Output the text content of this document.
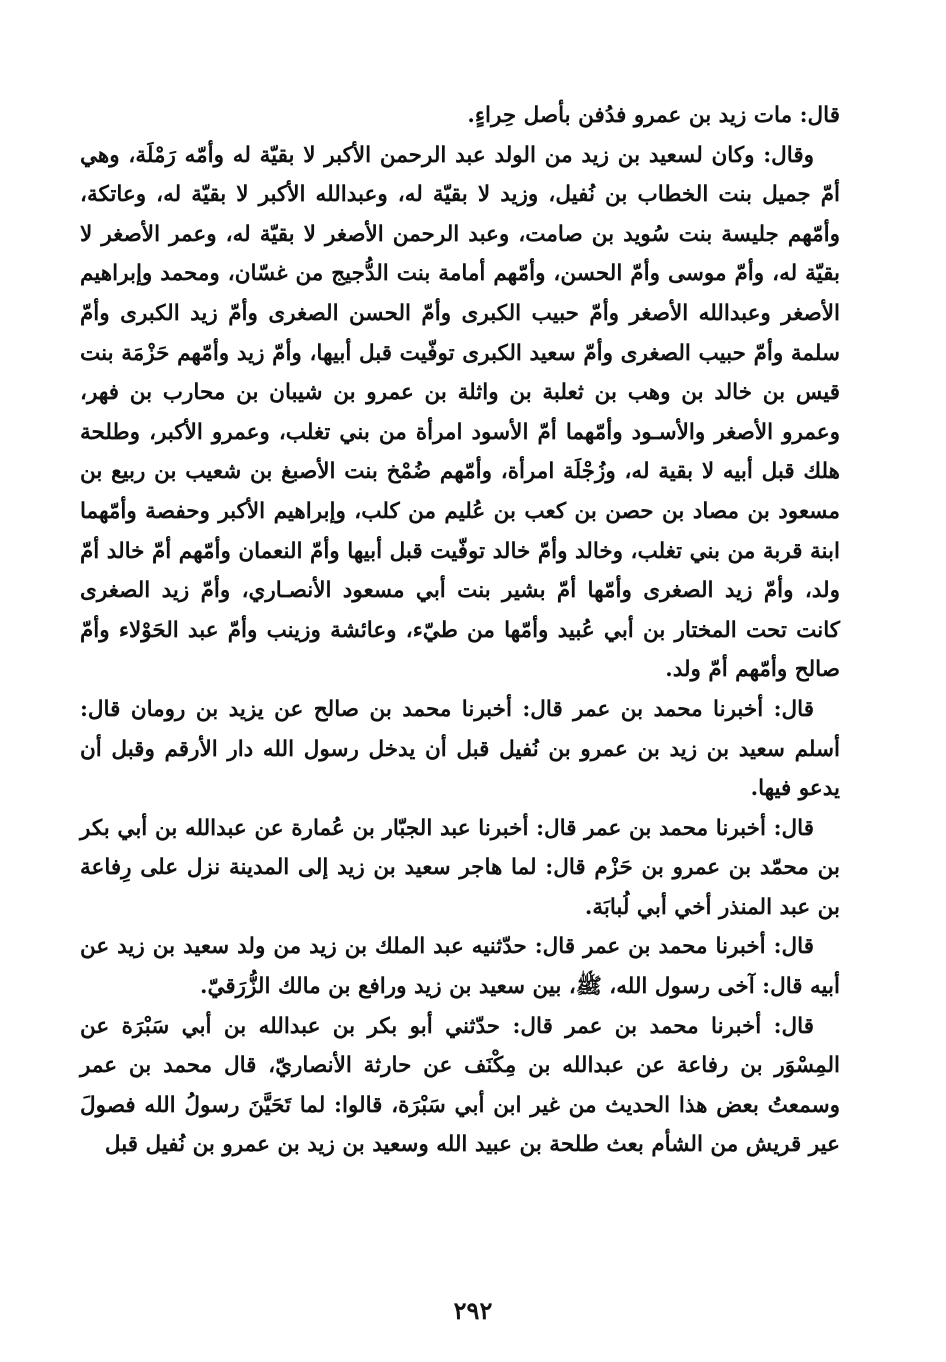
قال: مات زيد بن عمرو فدُفن بأصل حِراءٍ.

وقال: وكان لسعيد بن زيد من الولد عبد الرحمن الأكبر لا بقيّة له وأمّه رَمْلَة، وهي أمّ جميل بنت الخطاب بن نُفيل، وزيد لا بقيّة له، وعبدالله الأكبر لا بقيّة له، وعاتكة، وأمّهم جليسة بنت سُويد بن صامت، وعبد الرحمن الأصغر لا بقيّة له، وعمر الأصغر لا بقيّة له، وأمّ موسى وأمّ الحسن، وأمّهم أمامة بنت الدُّجيج من غسّان، ومحمد وإبراهيم الأصغر وعبدالله الأصغر وأمّ حبيب الكبرى وأمّ الحسن الصغرى وأمّ زيد الكبرى وأمّ سلمة وأمّ حبيب الصغرى وأمّ سعيد الكبرى توفّيت قبل أبيها، وأمّ زيد وأمّهم حَزْمَة بنت قيس بن خالد بن وهب بن ثعلبة بن واثلة بن عمرو بن شيبان بن محارب بن فهر، وعمرو الأصغر والأسـود وأمّهما أمّ الأسود امرأة من بني تغلب، وعمرو الأكبر، وطلحة هلك قبل أبيه لا بقية له، وزُجْلَة امرأة، وأمّهم ضُمْخ بنت الأصبغ بن شعيب بن ربيع بن مسعود بن مصاد بن حصن بن كعب بن عُليم من كلب، وإبراهيم الأكبر وحفصة وأمّهما ابنة قربة من بني تغلب، وخالد وأمّ خالد توفّيت قبل أبيها وأمّ النعمان وأمّهم أمّ خالد أمّ ولد، وأمّ زيد الصغرى وأمّها أمّ بشير بنت أبي مسعود الأنصـاري، وأمّ زيد الصغرى كانت تحت المختار بن أبي عُبيد وأمّها من طيّء، وعائشة وزينب وأمّ عبد الحَوْلاء وأمّ صالح وأمّهم أمّ ولد.

قال: أخبرنا محمد بن عمر قال: أخبرنا محمد بن صالح عن يزيد بن رومان قال: أسلم سعيد بن زيد بن عمرو بن نُفيل قبل أن يدخل رسول الله دار الأرقم وقبل أن يدعو فيها.

قال: أخبرنا محمد بن عمر قال: أخبرنا عبد الجبّار بن عُمارة عن عبدالله بن أبي بكر بن محمّد بن عمرو بن حَزْم قال: لما هاجر سعيد بن زيد إلى المدينة نزل على رِفاعة بن عبد المنذر أخي أبي لُبابَة.

قال: أخبرنا محمد بن عمر قال: حدّثنيه عبد الملك بن زيد من ولد سعيد بن زيد عن أبيه قال: آخى رسول الله، ﷺ، بين سعيد بن زيد ورافع بن مالك الزُّرَقيّ.

قال: أخبرنا محمد بن عمر قال: حدّثني أبو بكر بن عبدالله بن أبي سَبْرَة عن المِسْوَر بن رفاعة عن عبدالله بن مِكْنَف عن حارثة الأنصاريّ، قال محمد بن عمر وسمعتُ بعض هذا الحديث من غير ابن أبي سَبْرَة، قالوا: لما تَحَيَّنَ رسولُ الله فصولَ عير قريش من الشأم بعث طلحة بن عبيد الله وسعيد بن زيد بن عمرو بن نُفيل قبل

٢٩٢
